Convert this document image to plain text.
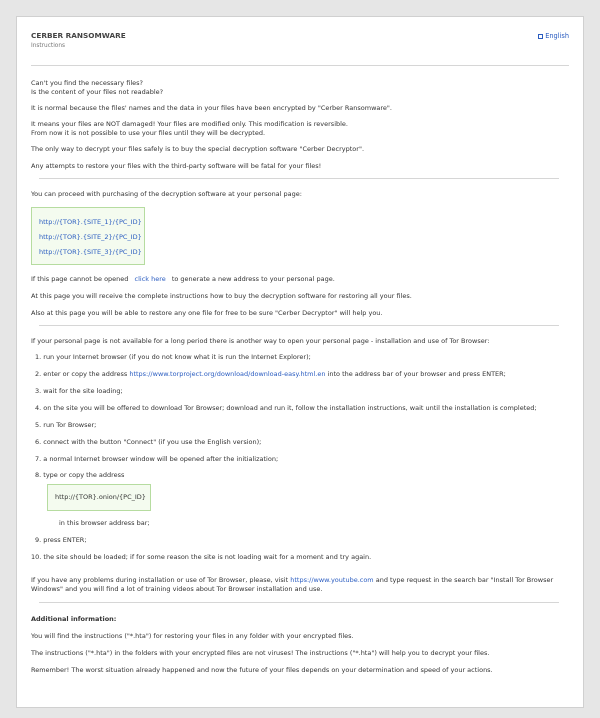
CERBER RANSOMWARE
Instructions
English
Can't you find the necessary files?
Is the content of your files not readable?
It is normal because the files' names and the data in your files have been encrypted by "Cerber Ransomware".
It means your files are NOT damaged! Your files are modified only. This modification is reversible.
From now it is not possible to use your files until they will be decrypted.
The only way to decrypt your files safely is to buy the special decryption software "Cerber Decryptor".
Any attempts to restore your files with the third-party software will be fatal for your files!
You can proceed with purchasing of the decryption software at your personal page:
http://{TOR}.{SITE_1}/{PC_ID}
http://{TOR}.{SITE_2}/{PC_ID}
http://{TOR}.{SITE_3}/{PC_ID}
If this page cannot be opened click here to generate a new address to your personal page.
At this page you will receive the complete instructions how to buy the decryption software for restoring all your files.
Also at this page you will be able to restore any one file for free to be sure "Cerber Decryptor" will help you.
If your personal page is not available for a long period there is another way to open your personal page - installation and use of Tor Browser:
1. run your Internet browser (if you do not know what it is run the Internet Explorer);
2. enter or copy the address https://www.torproject.org/download/download-easy.html.en into the address bar of your browser and press ENTER;
3. wait for the site loading;
4. on the site you will be offered to download Tor Browser; download and run it, follow the installation instructions, wait until the installation is completed;
5. run Tor Browser;
6. connect with the button "Connect" (if you use the English version);
7. a normal Internet browser window will be opened after the initialization;
8. type or copy the address
http://{TOR}.onion/{PC_ID}
in this browser address bar;
9. press ENTER;
10. the site should be loaded; if for some reason the site is not loading wait for a moment and try again.
If you have any problems during installation or use of Tor Browser, please, visit https://www.youtube.com and type request in the search bar "Install Tor Browser
Windows" and you will find a lot of training videos about Tor Browser installation and use.
Additional information:
You will find the instructions ("*.hta") for restoring your files in any folder with your encrypted files.
The instructions ("*.hta") in the folders with your encrypted files are not viruses! The instructions ("*.hta") will help you to decrypt your files.
Remember! The worst situation already happened and now the future of your files depends on your determination and speed of your actions.
